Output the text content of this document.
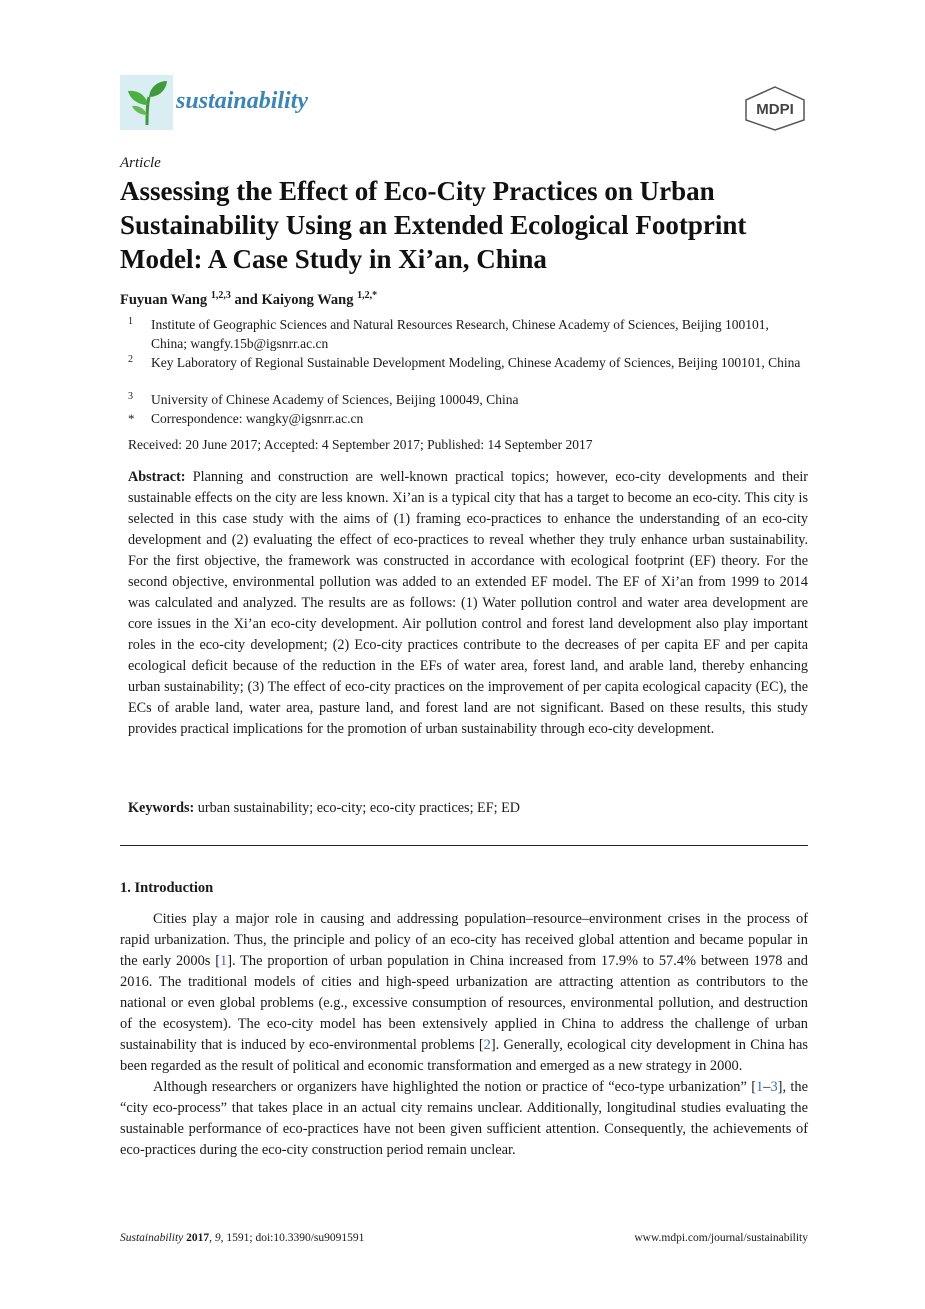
sustainability	MDPI
Article
Assessing the Effect of Eco-City Practices on Urban Sustainability Using an Extended Ecological Footprint Model: A Case Study in Xi’an, China
Fuyuan Wang $^{1,2,3}$ and Kaiyong Wang $^{1,2,*}$
1 Institute of Geographic Sciences and Natural Resources Research, Chinese Academy of Sciences, Beijing 100101, China; wangfy.15b@igsnrr.ac.cn
2 Key Laboratory of Regional Sustainable Development Modeling, Chinese Academy of Sciences, Beijing 100101, China
3 University of Chinese Academy of Sciences, Beijing 100049, China
* Correspondence: wangky@igsnrr.ac.cn
Received: 20 June 2017; Accepted: 4 September 2017; Published: 14 September 2017
Abstract: Planning and construction are well-known practical topics; however, eco-city developments and their sustainable effects on the city are less known. Xi’an is a typical city that has a target to become an eco-city. This city is selected in this case study with the aims of (1) framing eco-practices to enhance the understanding of an eco-city development and (2) evaluating the effect of eco-practices to reveal whether they truly enhance urban sustainability. For the first objective, the framework was constructed in accordance with ecological footprint (EF) theory. For the second objective, environmental pollution was added to an extended EF model. The EF of Xi’an from 1999 to 2014 was calculated and analyzed. The results are as follows: (1) Water pollution control and water area development are core issues in the Xi’an eco-city development. Air pollution control and forest land development also play important roles in the eco-city development; (2) Eco-city practices contribute to the decreases of per capita EF and per capita ecological deficit because of the reduction in the EFs of water area, forest land, and arable land, thereby enhancing urban sustainability; (3) The effect of eco-city practices on the improvement of per capita ecological capacity (EC), the ECs of arable land, water area, pasture land, and forest land are not significant. Based on these results, this study provides practical implications for the promotion of urban sustainability through eco-city development.
Keywords: urban sustainability; eco-city; eco-city practices; EF; ED
1. Introduction

Cities play a major role in causing and addressing population–resource–environment crises in the process of rapid urbanization. Thus, the principle and policy of an eco-city has received global attention and became popular in the early 2000s [1]. The proportion of urban population in China increased from 17.9% to 57.4% between 1978 and 2016. The traditional models of cities and high-speed urbanization are attracting attention as contributors to the national or even global problems (e.g., excessive consumption of resources, environmental pollution, and destruction of the ecosystem). The eco-city model has been extensively applied in China to address the challenge of urban sustainability that is induced by eco-environmental problems [2]. Generally, ecological city development in China has been regarded as the result of political and economic transformation and emerged as a new strategy in 2000.

Although researchers or organizers have highlighted the notion or practice of “eco-type urbanization” [1–3], the “city eco-process” that takes place in an actual city remains unclear. Additionally, longitudinal studies evaluating the sustainable performance of eco-practices have not been given sufficient attention. Consequently, the achievements of eco-practices during the eco-city construction period remain unclear.

Sustainability 2017, 9, 1591; doi:10.3390/su9091591	www.mdpi.com/journal/sustainability
